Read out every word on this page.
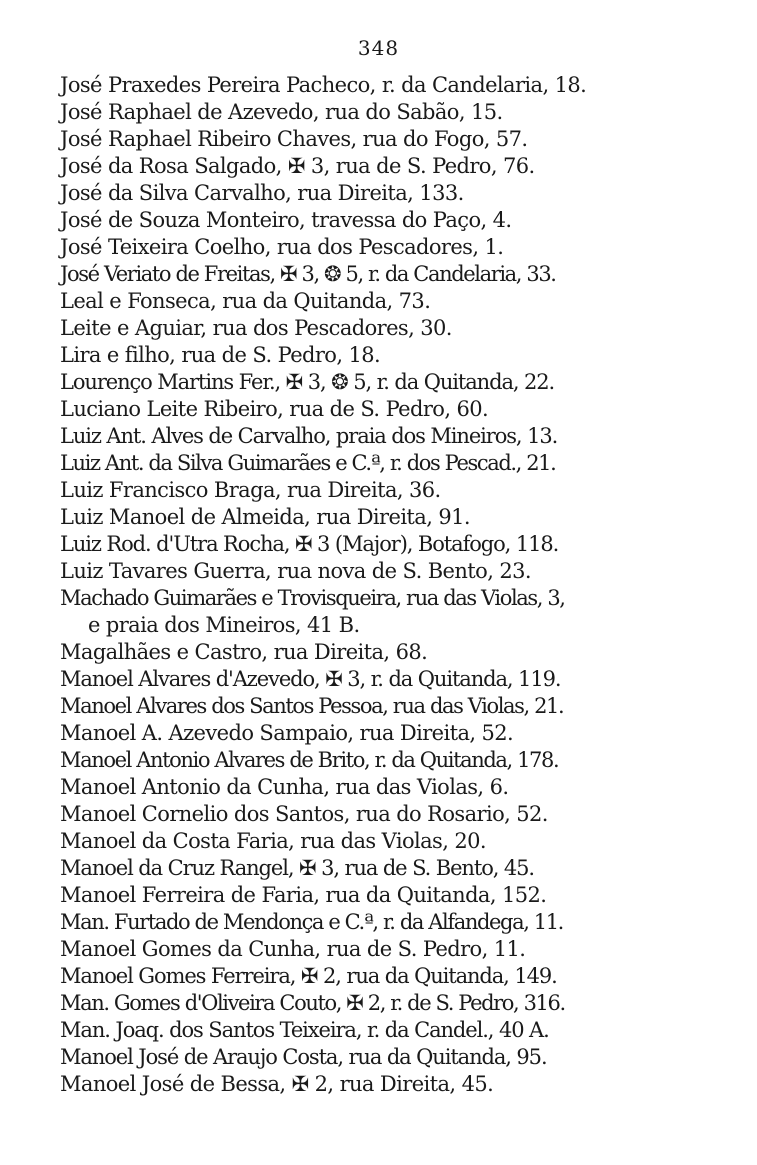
348
José Praxedes Pereira Pacheco, r. da Candelaria, 18.
José Raphael de Azevedo, rua do Sabão, 15.
José Raphael Ribeiro Chaves, rua do Fogo, 57.
José da Rosa Salgado, ✠ 3, rua de S. Pedro, 76.
José da Silva Carvalho, rua Direita, 133.
José de Souza Monteiro, travessa do Paço, 4.
José Teixeira Coelho, rua dos Pescadores, 1.
José Veriato de Freitas, ✠ 3, ❂ 5, r. da Candelaria, 33.
Leal e Fonseca, rua da Quitanda, 73.
Leite e Aguiar, rua dos Pescadores, 30.
Lira e filho, rua de S. Pedro, 18.
Lourenço Martins Fer., ✠ 3, ❂ 5, r. da Quitanda, 22.
Luciano Leite Ribeiro, rua de S. Pedro, 60.
Luiz Ant. Alves de Carvalho, praia dos Mineiros, 13.
Luiz Ant. da Silva Guimarães e C.ª, r. dos Pescad., 21.
Luiz Francisco Braga, rua Direita, 36.
Luiz Manoel de Almeida, rua Direita, 91.
Luiz Rod. d'Utra Rocha, ✠ 3 (Major), Botafogo, 118.
Luiz Tavares Guerra, rua nova de S. Bento, 23.
Machado Guimarães e Trovisqueira, rua das Violas, 3,
e praia dos Mineiros, 41 B.
Magalhães e Castro, rua Direita, 68.
Manoel Alvares d'Azevedo, ✠ 3, r. da Quitanda, 119.
Manoel Alvares dos Santos Pessoa, rua das Violas, 21.
Manoel A. Azevedo Sampaio, rua Direita, 52.
Manoel Antonio Alvares de Brito, r. da Quitanda, 178.
Manoel Antonio da Cunha, rua das Violas, 6.
Manoel Cornelio dos Santos, rua do Rosario, 52.
Manoel da Costa Faria, rua das Violas, 20.
Manoel da Cruz Rangel, ✠ 3, rua de S. Bento, 45.
Manoel Ferreira de Faria, rua da Quitanda, 152.
Man. Furtado de Mendonça e C.ª, r. da Alfandega, 11.
Manoel Gomes da Cunha, rua de S. Pedro, 11.
Manoel Gomes Ferreira, ✠ 2, rua da Quitanda, 149.
Man. Gomes d'Oliveira Couto, ✠ 2, r. de S. Pedro, 316.
Man. Joaq. dos Santos Teixeira, r. da Candel., 40 A.
Manoel José de Araujo Costa, rua da Quitanda, 95.
Manoel José de Bessa, ✠ 2, rua Direita, 45.
